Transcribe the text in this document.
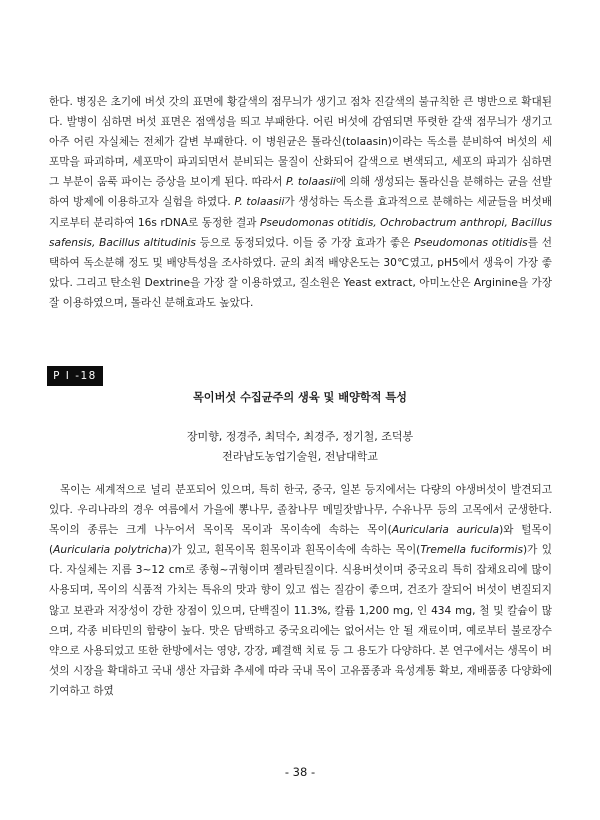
한다. 병징은 초기에 버섯 갓의 표면에 황갈색의 점무늬가 생기고 점차 진갈색의 불규칙한 큰 병반으로 확대된다. 발병이 심하면 버섯 표면은 점액성을 띄고 부패한다. 어린 버섯에 감염되면 뚜렷한 갈색 점무늬가 생기고 아주 어린 자실체는 전체가 갈변 부패한다. 이 병원균은 톨라신(tolaasin)이라는 독소를 분비하여 버섯의 세포막을 파괴하며, 세포막이 파괴되면서 분비되는 물질이 산화되어 갈색으로 변색되고, 세포의 파괴가 심하면 그 부분이 움푹 파이는 증상을 보이게 된다. 따라서 P. tolaasii에 의해 생성되는 톨라신을 분해하는 균을 선발하여 방제에 이용하고자 실험을 하였다. P. tolaasii가 생성하는 독소를 효과적으로 분해하는 세균들을 버섯배지로부터 분리하여 16s rDNA로 동정한 결과 Pseudomonas otitidis, Ochrobactrum anthropi, Bacillus safensis, Bacillus altitudinis 등으로 동정되었다. 이들 중 가장 효과가 좋은 Pseudomonas otitidis를 선택하여 독소분해 정도 및 배양특성을 조사하였다. 균의 최적 배양온도는 30℃였고, pH5에서 생육이 가장 좋았다. 그리고 탄소원 Dextrine을 가장 잘 이용하였고, 질소원은 Yeast extract, 아미노산은 Arginine을 가장 잘 이용하였으며, 톨라신 분해효과도 높았다.

P I -18
목이버섯 수집균주의 생육 및 배양학적 특성
장미향, 정경주, 최덕수, 최경주, 정기철, 조덕봉
전라남도농업기술원, 전남대학교

목이는 세계적으로 널리 분포되어 있으며, 특히 한국, 중국, 일본 등지에서는 다량의 야생버섯이 발견되고 있다. 우리나라의 경우 여름에서 가을에 뽕나무, 졸참나무 메밀잣밤나무, 수유나무 등의 고목에서 군생한다. 목이의 종류는 크게 나누어서 목이목 목이과 목이속에 속하는 목이(Auricularia auricula)와 털목이(Auricularia polytricha)가 있고, 흰목이목 흰목이과 흰목이속에 속하는 목이(Tremella fuciformis)가 있다. 자실체는 지름 3~12 cm로 종형~귀형이며 젤라틴질이다. 식용버섯이며 중국요리 특히 잡채요리에 많이 사용되며, 목이의 식품적 가치는 특유의 맛과 향이 있고 씹는 질감이 좋으며, 건조가 잘되어 버섯이 변질되지 않고 보관과 저장성이 강한 장점이 있으며, 단백질이 11.3%, 칼륨 1,200 mg, 인 434 mg, 철 및 칼슘이 많으며, 각종 비타민의 함량이 높다. 맛은 담백하고 중국요리에는 없어서는 안 될 재료이며, 예로부터 불로장수약으로 사용되었고 또한 한방에서는 영양, 강장, 폐결핵 치료 등 그 용도가 다양하다. 본 연구에서는 생목이 버섯의 시장을 확대하고 국내 생산 자급화 추세에 따라 국내 목이 고유품종과 육성계통 확보, 재배품종 다양화에 기여하고 하였

- 38 -
